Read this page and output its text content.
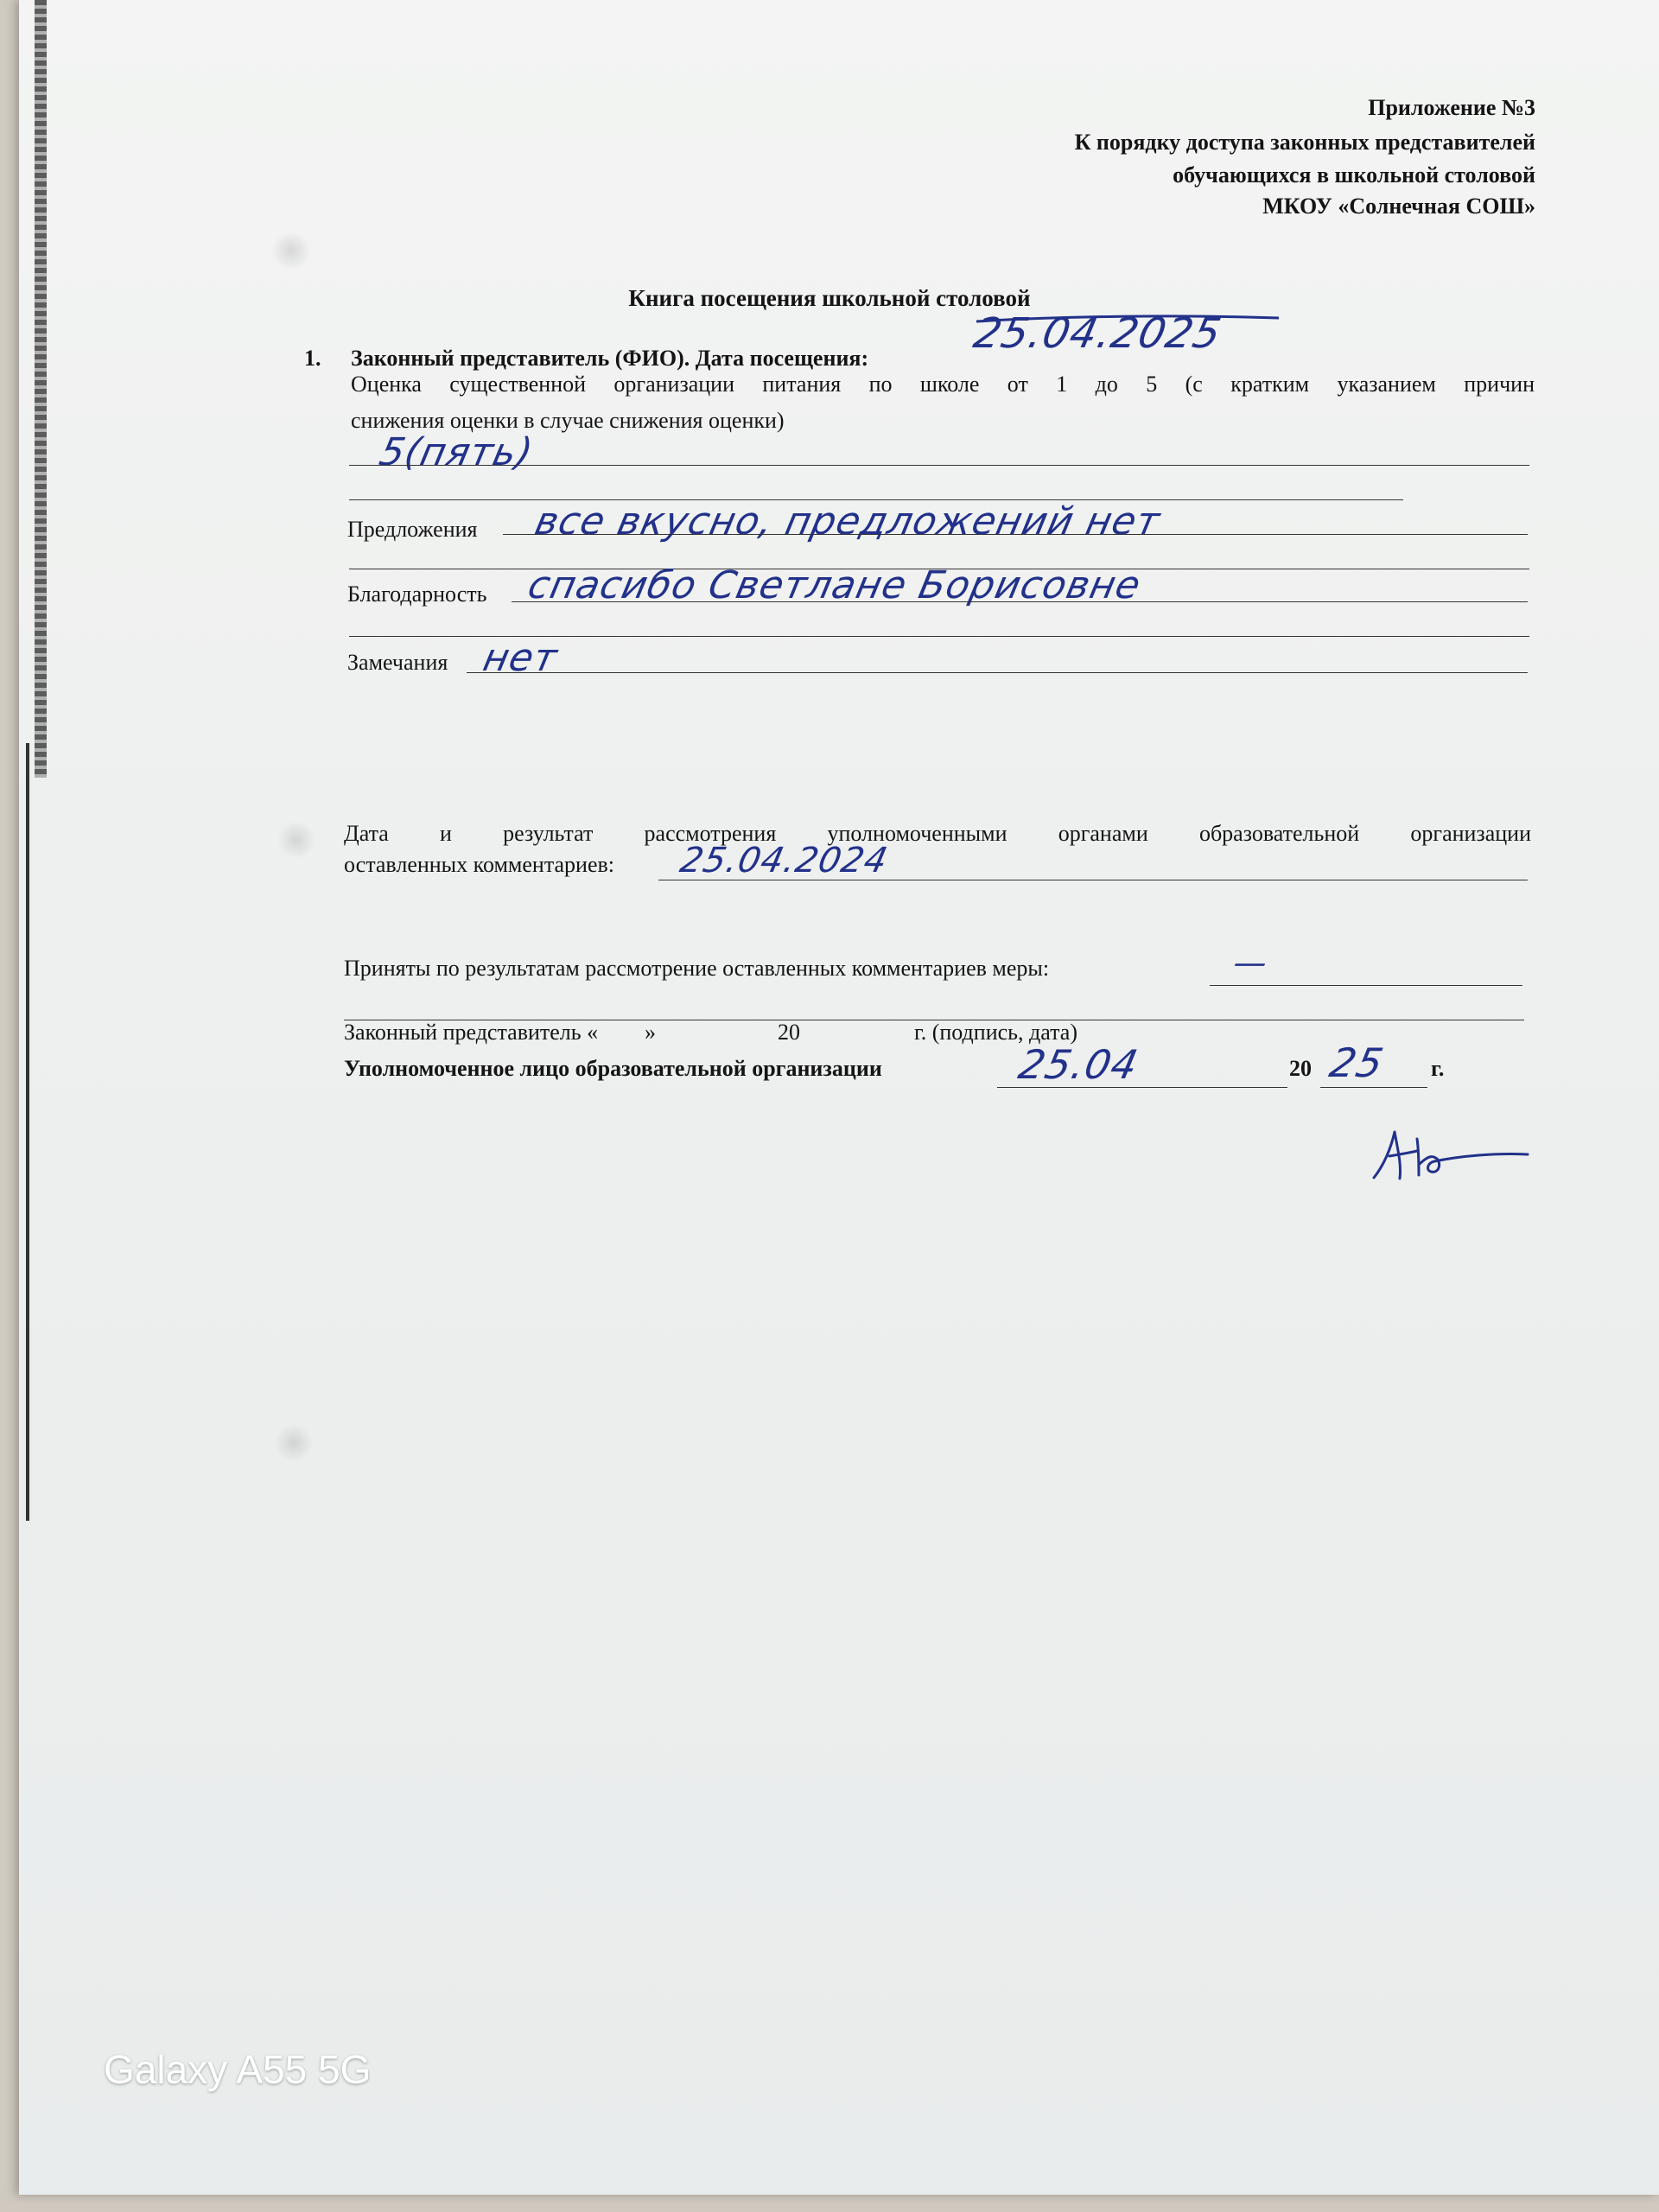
Приложение №3
К порядку доступа законных представителей
обучающихся в школьной столовой
МКОУ «Солнечная СОШ»
Книга посещения школьной столовой
1. Законный представитель (ФИО). Дата посещения:
25.04.2025
Оценка существенной организации питания по школе от 1 до 5 (с кратким указанием причин
снижения оценки в случае снижения оценки)
5(пять)
Предложения все вкусно, предложений нет
Благодарность спасибо Светлане Борисовне
Замечания нет
Дата и результат рассмотрения уполномоченными органами образовательной организации
оставленных комментариев: 25.04.2024
Приняты по результатам рассмотрение оставленных комментариев меры:	—
Законный представитель « »	20	г. (подпись, дата)
Уполномоченное лицо образовательной организации	25.04	20 25 г.
Galaxy A55 5G
